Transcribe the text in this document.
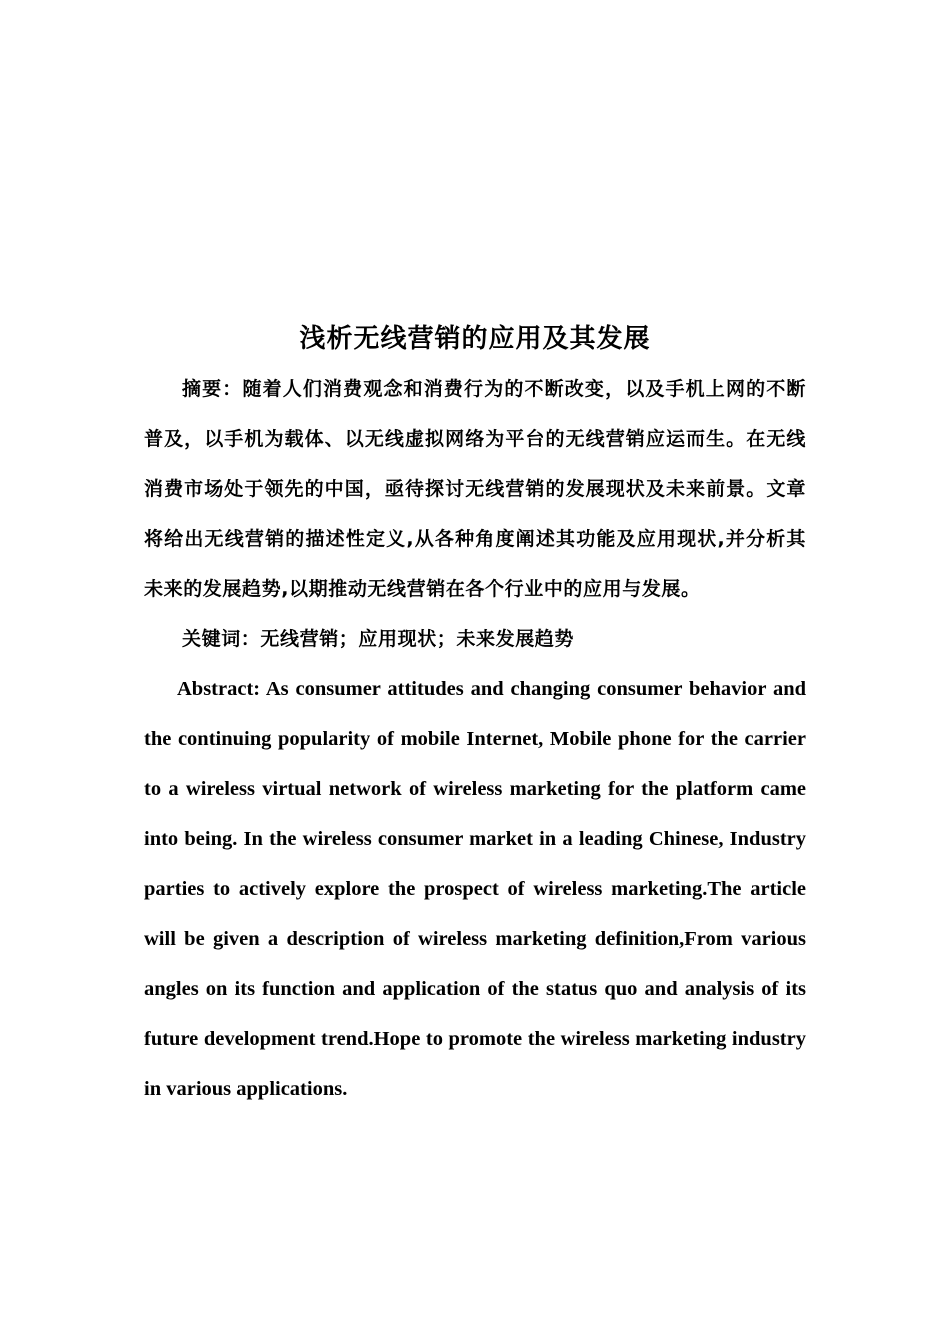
浅析无线营销的应用及其发展

摘要：随着人们消费观念和消费行为的不断改变，以及手机上网的不断普及，以手机为载体、以无线虚拟网络为平台的无线营销应运而生。在无线消费市场处于领先的中国，亟待探讨无线营销的发展现状及未来前景。文章将给出无线营销的描述性定义,从各种角度阐述其功能及应用现状,并分析其未来的发展趋势,以期推动无线营销在各个行业中的应用与发展。

关键词：无线营销；应用现状；未来发展趋势

Abstract: As consumer attitudes and changing consumer behavior and the continuing popularity of mobile Internet, Mobile phone for the carrier to a wireless virtual network of wireless marketing for the platform came into being. In the wireless consumer market in a leading Chinese, Industry parties to actively explore the prospect of wireless marketing.The article will be given a description of wireless marketing definition,From various angles on its function and application of the status quo and analysis of its future development trend.Hope to promote the wireless marketing industry in various applications.
